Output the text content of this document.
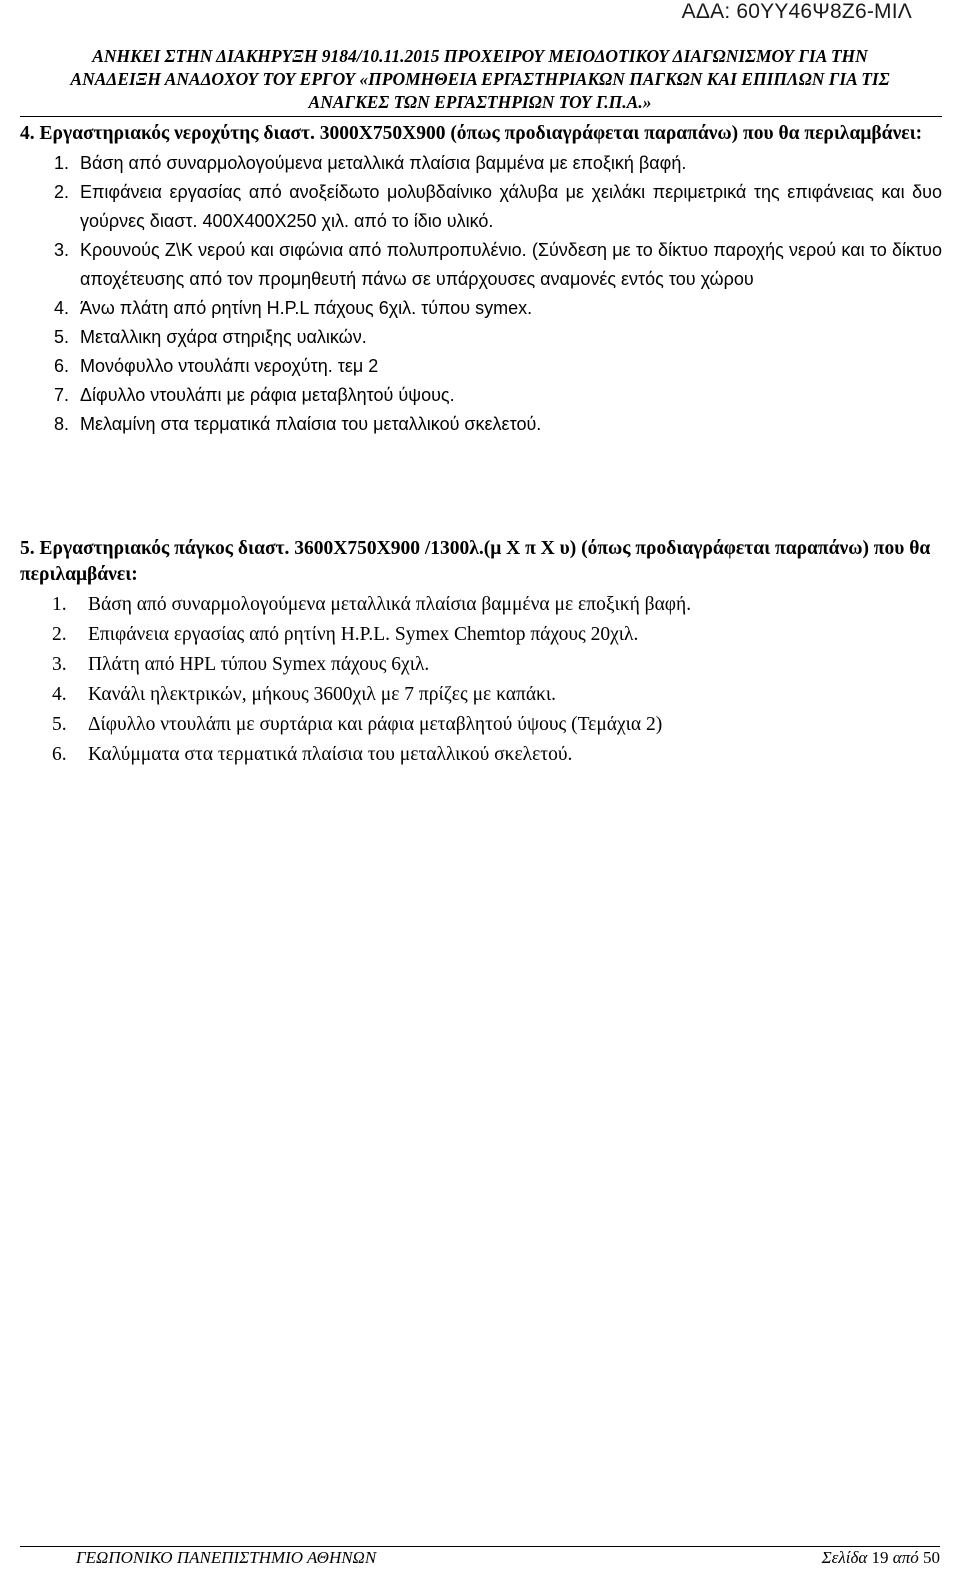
ΑΔΑ: 60ΥΥ46Ψ8Ζ6-ΜΙΛ
ΑΝΗΚΕΙ ΣΤΗΝ ΔΙΑΚΗΡΥΞΗ 9184/10.11.2015 ΠΡΟΧΕΙΡΟΥ ΜΕΙΟΔΟΤΙΚΟΥ ΔΙΑΓΩΝΙΣΜΟΥ ΓΙΑ ΤΗΝ
ΑΝΑΔΕΙΞΗ ΑΝΑΔΟΧΟΥ ΤΟΥ ΕΡΓΟΥ «ΠΡΟΜΗΘΕΙΑ ΕΡΓΑΣΤΗΡΙΑΚΩΝ ΠΑΓΚΩΝ ΚΑΙ ΕΠΙΠΛΩΝ ΓΙΑ ΤΙΣ
ΑΝΑΓΚΕΣ ΤΩΝ ΕΡΓΑΣΤΗΡΙΩΝ ΤΟΥ Γ.Π.Α.»

4. Εργαστηριακός νεροχύτης διαστ. 3000Χ750Χ900 (όπως προδιαγράφεται παραπάνω) που θα περιλαμβάνει:

1. Βάση από συναρμολογούμενα μεταλλικά πλαίσια βαμμένα με εποξική βαφή.
2. Επιφάνεια εργασίας από ανοξείδωτο μολυβδαίνικο χάλυβα με χειλάκι περιμετρικά της επιφάνειας και δυο γούρνες διαστ. 400Χ400Χ250 χιλ. από το ίδιο υλικό.
3. Κρουνούς Ζ\Κ νερού και σιφώνια από πολυπροπυλένιο. (Σύνδεση με το δίκτυο παροχής νερού και το δίκτυο αποχέτευσης από τον προμηθευτή πάνω σε υπάρχουσες αναμονές εντός του χώρου
4. Άνω πλάτη από ρητίνη H.P.L πάχους 6χιλ. τύπου symex.
5. Μεταλλικη σχάρα στηριξης υαλικών.
6. Μονόφυλλο ντουλάπι νεροχύτη. τεμ 2
7. Δίφυλλο ντουλάπι με ράφια μεταβλητού ύψους.
8. Μελαμίνη στα τερματικά πλαίσια του μεταλλικού σκελετού.

5. Εργαστηριακός πάγκος διαστ. 3600Χ750Χ900 /1300λ.(μ Χ π Χ υ) (όπως προδιαγράφεται παραπάνω) που θα περιλαμβάνει:

1. Βάση από συναρμολογούμενα μεταλλικά πλαίσια βαμμένα με εποξική βαφή.
2. Επιφάνεια εργασίας από ρητίνη H.P.L. Symex Chemtop πάχους 20χιλ.
3. Πλάτη από HPL τύπου Symex πάχους 6χιλ.
4. Κανάλι ηλεκτρικών, μήκους 3600χιλ με 7 πρίζες με καπάκι.
5. Δίφυλλο ντουλάπι με συρτάρια και ράφια μεταβλητού ύψους (Τεμάχια 2)
6. Καλύμματα στα τερματικά πλαίσια του μεταλλικού σκελετού.
ΓΕΩΠΟΝΙΚΟ ΠΑΝΕΠΙΣΤΗΜΙΟ ΑΘΗΝΩΝ	Σελίδα 19 από 50
